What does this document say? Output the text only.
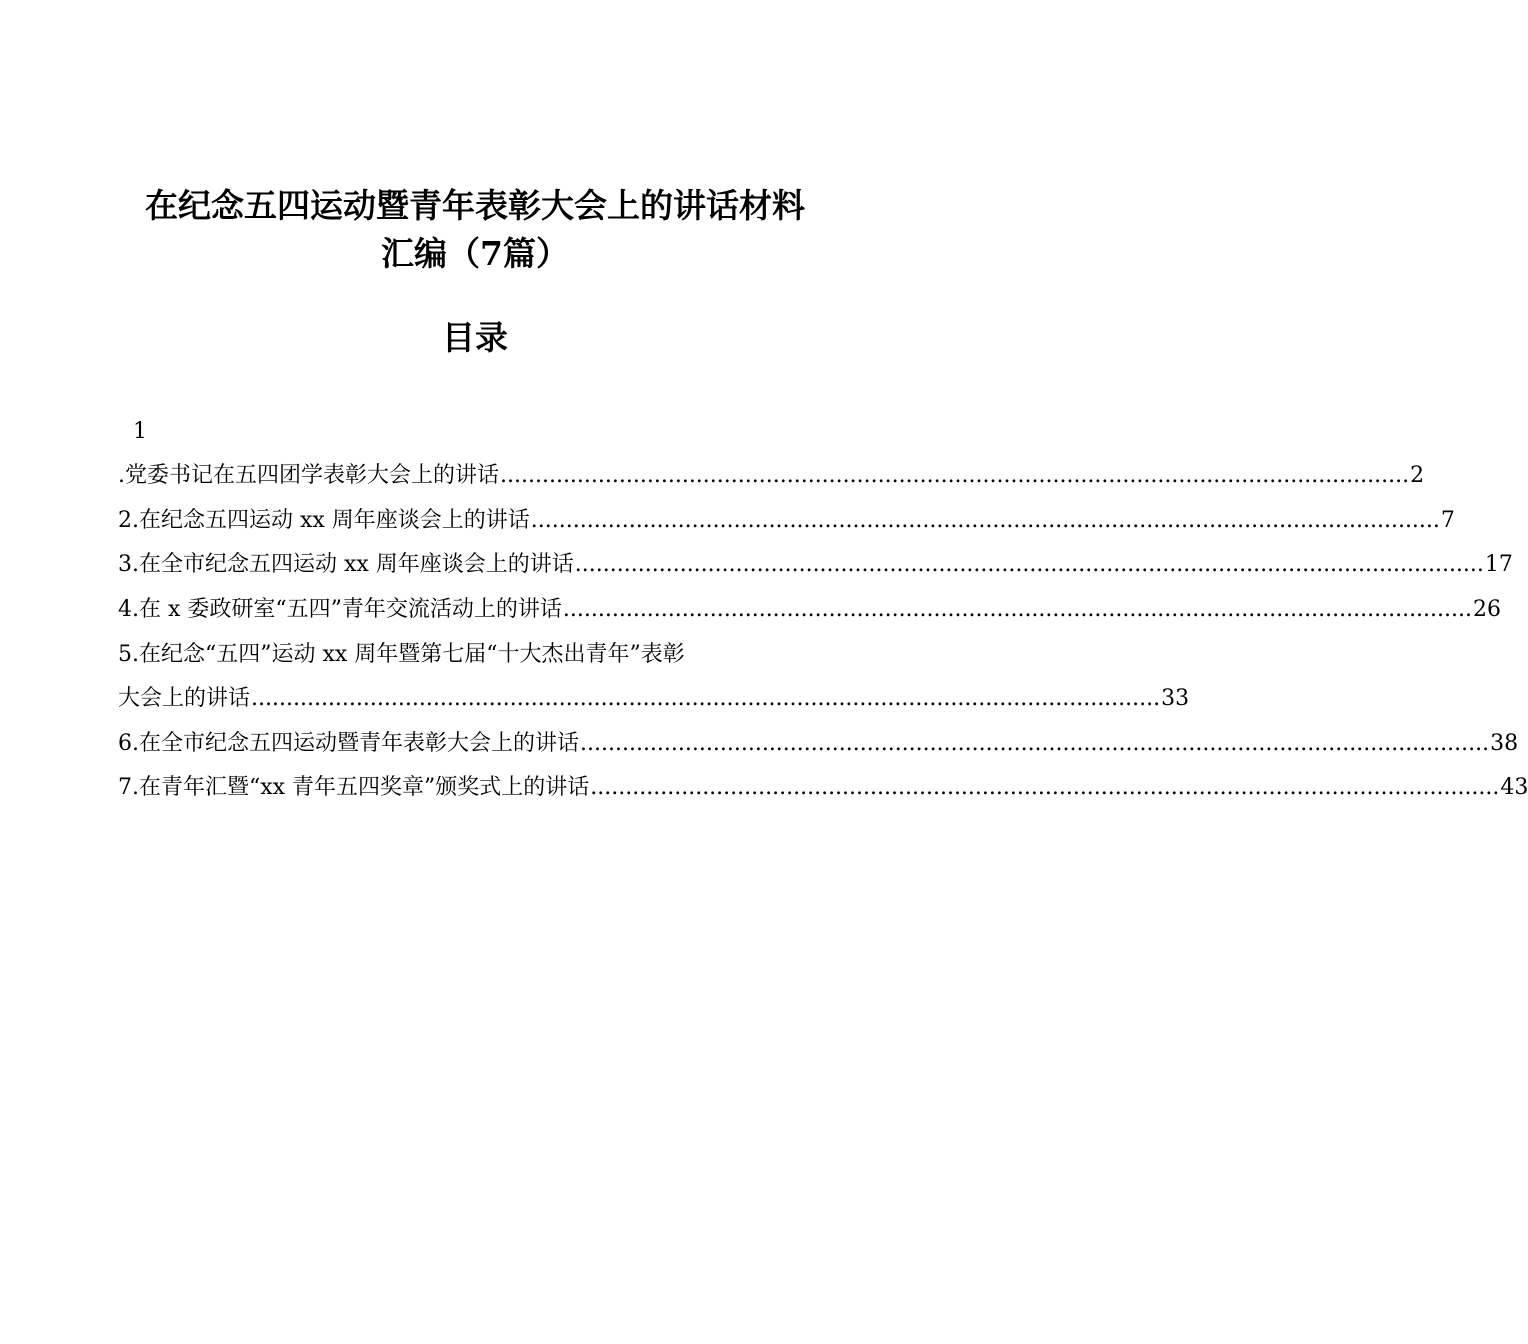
在纪念五四运动暨青年表彰大会上的讲话材料
汇编（7篇）
目录
1
.党委书记在五四团学表彰大会上的讲话 .................................................................................................................................. 2
2.在纪念五四运动 xx 周年座谈会上的讲话 .................................................................................................................................. 7
3.在全市纪念五四运动 xx 周年座谈会上的讲话 .................................................................................................................................. 17
4.在 x 委政研室“五四”青年交流活动上的讲话 .................................................................................................................................. 26
5.在纪念“五四”运动 xx 周年暨第七届“十大杰出青年”表彰
大会上的讲话 .................................................................................................................................. 33
6.在全市纪念五四运动暨青年表彰大会上的讲话 .................................................................................................................................. 38
7.在青年汇暨“xx 青年五四奖章”颁奖式上的讲话 .................................................................................................................................. 43
